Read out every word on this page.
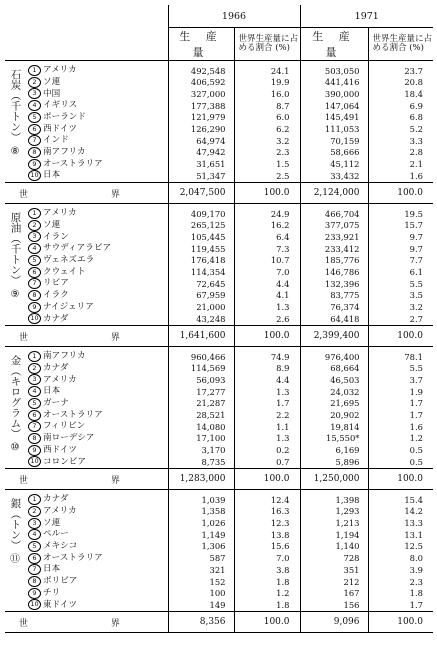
		1966		1971	
		生 産 量	世界生産量に占める割合 (%)	生 産 量	世界生産量に占める割合 (%)

石炭（千トン）
⑧	1 アメリカ	492,548	24.1	503,050	23.7
	2 ソ連	406,592	19.9	441,416	20.8
	3 中国	327,000	16.0	390,000	18.4
	4 イギリス	177,388	8.7	147,064	6.9
	5 ポーランド	121,979	6.0	145,491	6.8
	6 西ドイツ	126,290	6.2	111,053	5.2
	7 インド	64,974	3.2	70,159	3.3
	8 南アフリカ	47,942	2.3	58,666	2.8
	9 オーストラリア	31,651	1.5	45,112	2.1
	10 日本	51,347	2.5	33,432	1.6
世 界		2,047,500	100.0	2,124,000	100.0

原油（千トン）
⑨	1 アメリカ	409,170	24.9	466,704	19.5
	2 ソ連	265,125	16.2	377,075	15.7
	3 イラン	105,445	6.4	233,921	9.7
	4 サウディアラビア	119,455	7.3	233,412	9.7
	5 ヴェネズエラ	176,418	10.7	185,776	7.7
	6 クウェイト	114,354	7.0	146,786	6.1
	7 リビア	72,645	4.4	132,396	5.5
	8 イラク	67,959	4.1	83,775	3.5
	9 ナイジェリア	21,000	1.3	76,374	3.2
	10 カナダ	43,248	2.6	64,418	2.7
世 界		1,641,600	100.0	2,399,400	100.0

金（キログラム）
⑩	1 南アフリカ	960,466	74.9	976,400	78.1
	2 カナダ	114,569	8.9	68,664	5.5
	3 アメリカ	56,093	4.4	46,503	3.7
	4 日本	17,277	1.3	24,032	1.9
	5 ガーナ	21,287	1.7	21,695	1.7
	6 オーストラリア	28,521	2.2	20,902	1.7
	7 フィリピン	14,080	1.1	19,814	1.6
	8 南ローデシア	17,100	1.3	15,550*	1.2
	9 西ドイツ	3,170	0.2	6,169	0.5
	10 コロンビア	8,735	0.7	5,896	0.5
世 界		1,283,000	100.0	1,250,000	100.0

銀（トン）
⑪	1 カナダ	1,039	12.4	1,398	15.4
	2 アメリカ	1,358	16.3	1,293	14.2
	3 ソ連	1,026	12.3	1,213	13.3
	4 ペルー	1,149	13.8	1,194	13.1
	5 メキシコ	1,306	15.6	1,140	12.5
	6 オーストラリア	587	7.0	728	8.0
	7 日本	321	3.8	351	3.9
	8 ボリビア	152	1.8	212	2.3
	9 チリ	100	1.2	167	1.8
	10 東ドイツ	149	1.8	156	1.7
世 界		8,356	100.0	9,096	100.0
